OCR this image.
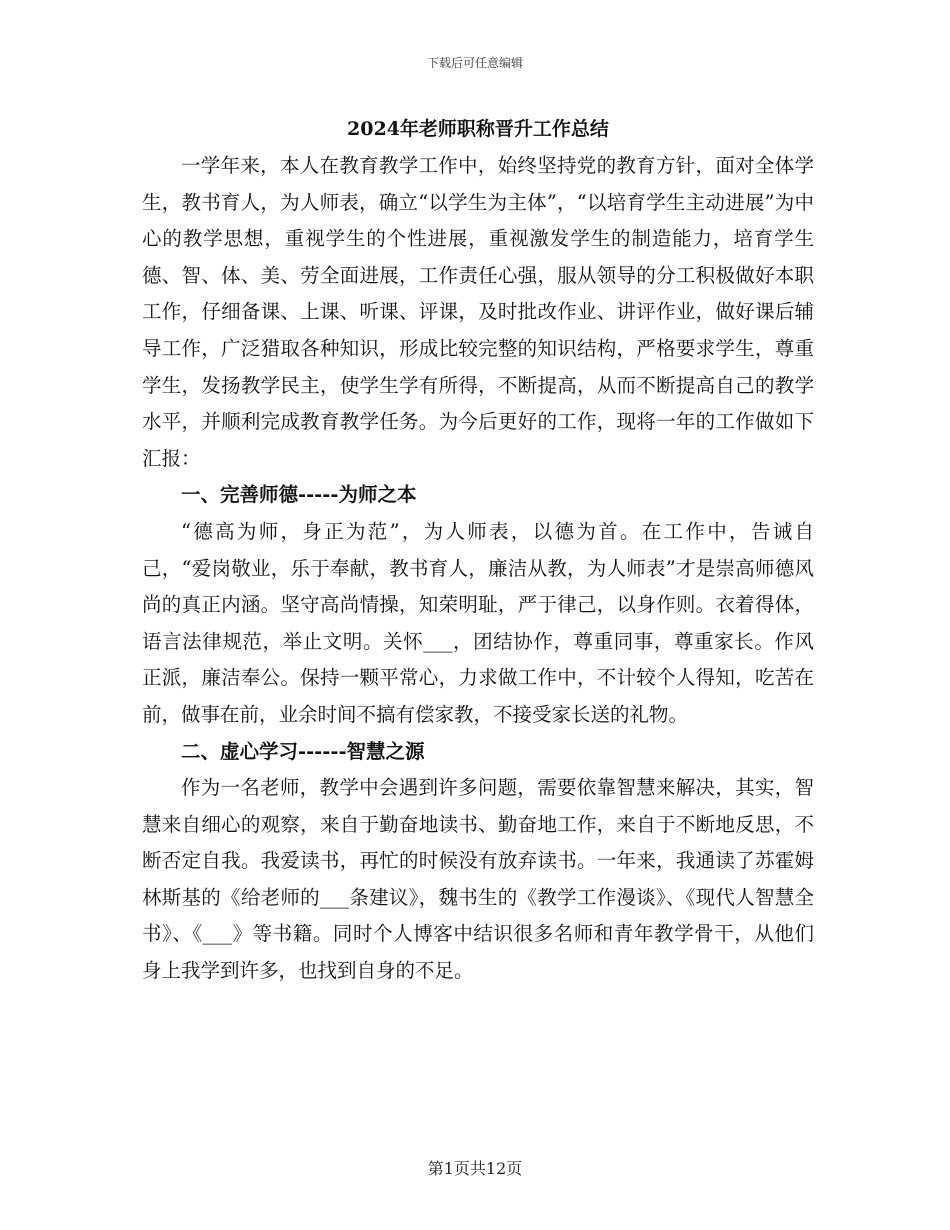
下载后可任意编辑
2024年老师职称晋升工作总结

一学年来，本人在教育教学工作中，始终坚持党的教育方针，面对全体学生，教书育人，为人师表，确立“以学生为主体”，“以培育学生主动进展”为中心的教学思想，重视学生的个性进展，重视激发学生的制造能力，培育学生德、智、体、美、劳全面进展，工作责任心强，服从领导的分工积极做好本职工作，仔细备课、上课、听课、评课，及时批改作业、讲评作业，做好课后辅导工作，广泛猎取各种知识，形成比较完整的知识结构，严格要求学生，尊重学生，发扬教学民主，使学生学有所得，不断提高，从而不断提高自己的教学水平，并顺利完成教育教学任务。为今后更好的工作，现将一年的工作做如下汇报：

一、完善师德-----为师之本

“德高为师，身正为范”，为人师表，以德为首。在工作中，告诫自己，“爱岗敬业，乐于奉献，教书育人，廉洁从教，为人师表”才是崇高师德风尚的真正内涵。坚守高尚情操，知荣明耻，严于律己，以身作则。衣着得体，语言法律规范，举止文明。关怀___，团结协作，尊重同事，尊重家长。作风正派，廉洁奉公。保持一颗平常心，力求做工作中，不计较个人得知，吃苦在前，做事在前，业余时间不搞有偿家教，不接受家长送的礼物。

二、虚心学习------智慧之源

作为一名老师，教学中会遇到许多问题，需要依靠智慧来解决，其实，智慧来自细心的观察，来自于勤奋地读书、勤奋地工作，来自于不断地反思，不断否定自我。我爱读书，再忙的时候没有放弃读书。一年来，我通读了苏霍姆林斯基的《给老师的___条建议》，魏书生的《教学工作漫谈》、《现代人智慧全书》、《___》等书籍。同时个人博客中结识很多名师和青年教学骨干，从他们身上我学到许多，也找到自身的不足。

第1页共12页
